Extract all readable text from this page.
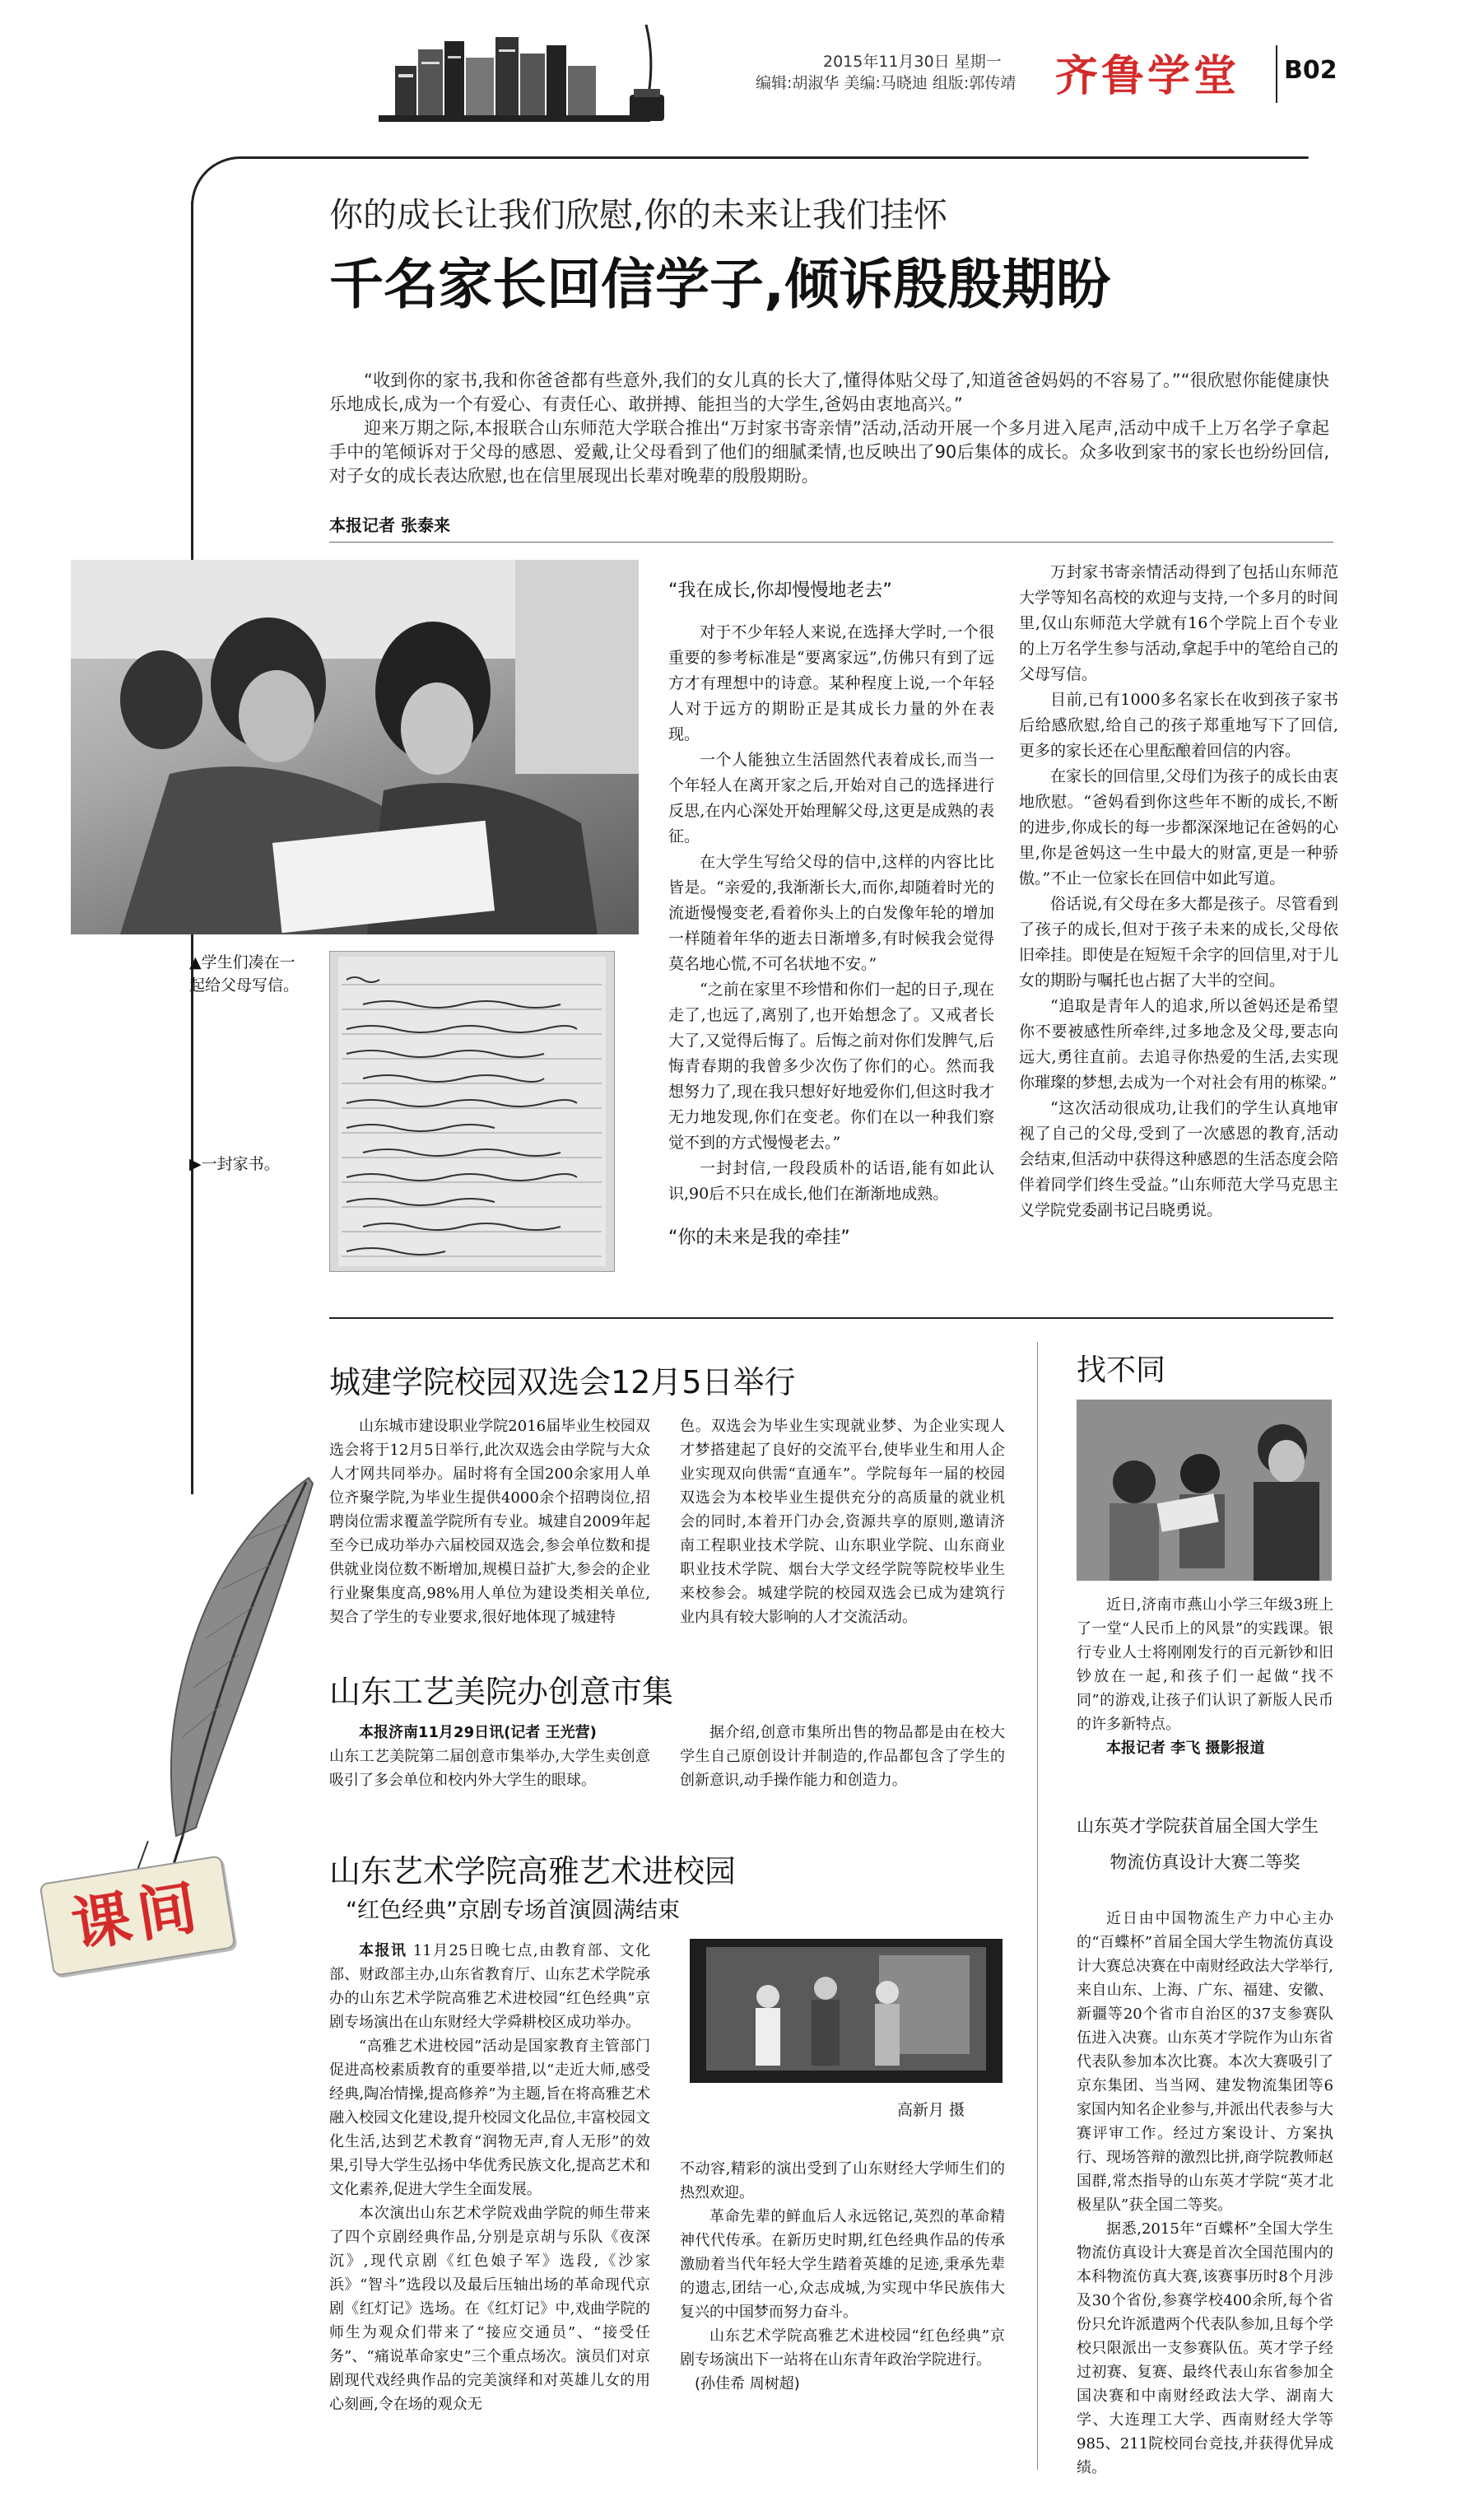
2015年11月30日 星期一
编辑:胡淑华 美编:马晓迪 组版:郭传靖 齐鲁学堂 B02
你的成长让我们欣慰,你的未来让我们挂怀
千名家长回信学子,倾诉殷殷期盼

“收到你的家书,我和你爸爸都有些意外,我们的女儿真的长大了,懂得体贴父母了,知道爸爸妈妈的不容易了。”“很欣慰你能健康快乐地成长,成为一个有爱心、有责任心、敢拼搏、能担当的大学生,爸妈由衷地高兴。”

迎来万期之际,本报联合山东师范大学联合推出“万封家书寄亲情”活动,活动开展一个多月进入尾声,活动中成千上万名学子拿起手中的笔倾诉对于父母的感恩、爱戴,让父母看到了他们的细腻柔情,也反映出了90后集体的成长。众多收到家书的家长也纷纷回信,对子女的成长表达欣慰,也在信里展现出长辈对晚辈的殷殷期盼。

本报记者 张泰来
▲学生们凑在一起给父母写信。
▶一封家书。
“我在成长,你却慢慢地老去”

对于不少年轻人来说,在选择大学时,一个很重要的参考标准是“要离家远”,仿佛只有到了远方才有理想中的诗意。某种程度上说,一个年轻人对于远方的期盼正是其成长力量的外在表现。

一个人能独立生活固然代表着成长,而当一个年轻人在离开家之后,开始对自己的选择进行反思,在内心深处开始理解父母,这更是成熟的表征。

在大学生写给父母的信中,这样的内容比比皆是。“亲爱的,我渐渐长大,而你,却随着时光的流逝慢慢变老,看着你头上的白发像年轮的增加一样随着年华的逝去日渐增多,有时候我会觉得莫名地心慌,不可名状地不安。”

“之前在家里不珍惜和你们一起的日子,现在走了,也远了,离别了,也开始想念了。又戒者长大了,又觉得后悔了。后悔之前对你们发脾气,后悔青春期的我曾多少次伤了你们的心。然而我想努力了,现在我只想好好地爱你们,但这时我才无力地发现,你们在变老。你们在以一种我们察觉不到的方式慢慢老去。”

一封封信,一段段质朴的话语,能有如此认识,90后不只在成长,他们在渐渐地成熟。

“你的未来是我的牵挂”

万封家书寄亲情活动得到了包括山东师范大学等知名高校的欢迎与支持,一个多月的时间里,仅山东师范大学就有16个学院上百个专业的上万名学生参与活动,拿起手中的笔给自己的父母写信。

目前,已有1000多名家长在收到孩子家书后给感欣慰,给自己的孩子郑重地写下了回信,更多的家长还在心里酝酿着回信的内容。

在家长的回信里,父母们为孩子的成长由衷地欣慰。“爸妈看到你这些年不断的成长,不断的进步,你成长的每一步都深深地记在爸妈的心里,你是爸妈这一生中最大的财富,更是一种骄傲。”不止一位家长在回信中如此写道。

俗话说,有父母在多大都是孩子。尽管看到了孩子的成长,但对于孩子未来的成长,父母依旧牵挂。即使是在短短千余字的回信里,对于儿女的期盼与嘱托也占据了大半的空间。

“追取是青年人的追求,所以爸妈还是希望你不要被感性所牵绊,过多地念及父母,要志向远大,勇往直前。去追寻你热爱的生活,去实现你璀璨的梦想,去成为一个对社会有用的栋梁。”

“这次活动很成功,让我们的学生认真地审视了自己的父母,受到了一次感恩的教育,活动会结束,但活动中获得这种感恩的生活态度会陪伴着同学们终生受益。”山东师范大学马克思主义学院党委副书记吕晓勇说。

城建学院校园双选会12月5日举行

山东城市建设职业学院2016届毕业生校园双选会将于12月5日举行,此次双选会由学院与大众人才网共同举办。届时将有全国200余家用人单位齐聚学院,为毕业生提供4000余个招聘岗位,招聘岗位需求覆盖学院所有专业。城建自2009年起至今已成功举办六届校园双选会,参会单位数和提供就业岗位数不断增加,规模日益扩大,参会的企业行业聚集度高,98%用人单位为建设类相关单位,契合了学生的专业要求,很好地体现了城建特

色。双选会为毕业生实现就业梦、为企业实现人才梦搭建起了良好的交流平台,使毕业生和用人企业实现双向供需“直通车”。学院每年一届的校园双选会为本校毕业生提供充分的高质量的就业机会的同时,本着开门办会,资源共享的原则,邀请济南工程职业技术学院、山东职业学院、山东商业职业技术学院、烟台大学文经学院等院校毕业生来校参会。城建学院的校园双选会已成为建筑行业内具有较大影响的人才交流活动。

山东工艺美院办创意市集

本报济南11月29日讯(记者 王光营)

山东工艺美院第二届创意市集举办,大学生卖创意吸引了多会单位和校内外大学生的眼球。

据介绍,创意市集所出售的物品都是由在校大学生自己原创设计并制造的,作品都包含了学生的创新意识,动手操作能力和创造力。

山东艺术学院高雅艺术进校园
“红色经典”京剧专场首演圆满结束

本报讯 11月25日晚七点,由教育部、文化部、财政部主办,山东省教育厅、山东艺术学院承办的山东艺术学院高雅艺术进校园“红色经典”京剧专场演出在山东财经大学舜耕校区成功举办。

“高雅艺术进校园”活动是国家教育主管部门促进高校素质教育的重要举措,以“走近大师,感受经典,陶冶情操,提高修养”为主题,旨在将高雅艺术融入校园文化建设,提升校园文化品位,丰富校园文化生活,达到艺术教育“润物无声,育人无形”的效果,引导大学生弘扬中华优秀民族文化,提高艺术和文化素养,促进大学生全面发展。

本次演出山东艺术学院戏曲学院的师生带来了四个京剧经典作品,分别是京胡与乐队《夜深沉》,现代京剧《红色娘子军》选段,《沙家浜》“智斗”选段以及最后压轴出场的革命现代京剧《红灯记》选场。在《红灯记》中,戏曲学院的师生为观众们带来了“接应交通员”、“接受任务”、“痛说革命家史”三个重点场次。演员们对京剧现代戏经典作品的完美演绎和对英雄儿女的用心刻画,令在场的观众无

高新月 摄

不动容,精彩的演出受到了山东财经大学师生们的热烈欢迎。

革命先辈的鲜血后人永远铭记,英烈的革命精神代代传承。在新历史时期,红色经典作品的传承激励着当代年轻大学生踏着英雄的足迹,秉承先辈的遗志,团结一心,众志成城,为实现中华民族伟大复兴的中国梦而努力奋斗。

山东艺术学院高雅艺术进校园“红色经典”京剧专场演出下一站将在山东青年政治学院进行。

(孙佳希 周树超)

找不同

近日,济南市燕山小学三年级3班上了一堂“人民币上的风景”的实践课。银行专业人士将刚刚发行的百元新钞和旧钞放在一起,和孩子们一起做“找不同”的游戏,让孩子们认识了新版人民币的许多新特点。

本报记者 李飞 摄影报道

山东英才学院获首届全国大学生
物流仿真设计大赛二等奖

近日由中国物流生产力中心主办的“百蝶杯”首届全国大学生物流仿真设计大赛总决赛在中南财经政法大学举行,来自山东、上海、广东、福建、安徽、新疆等20个省市自治区的37支参赛队伍进入决赛。山东英才学院作为山东省代表队参加本次比赛。本次大赛吸引了京东集团、当当网、建发物流集团等6家国内知名企业参与,并派出代表参与大赛评审工作。经过方案设计、方案执行、现场答辩的激烈比拼,商学院教师赵国群,常杰指导的山东英才学院“英才北极星队”获全国二等奖。

据悉,2015年“百蝶杯”全国大学生物流仿真设计大赛是首次全国范围内的本科物流仿真大赛,该赛事历时8个月涉及30个省份,参赛学校400余所,每个省份只允许派遣两个代表队参加,且每个学校只限派出一支参赛队伍。英才学子经过初赛、复赛、最终代表山东省参加全国决赛和中南财经政法大学、湖南大学、大连理工大学、西南财经大学等985、211院校同台竞技,并获得优异成绩。

课间
